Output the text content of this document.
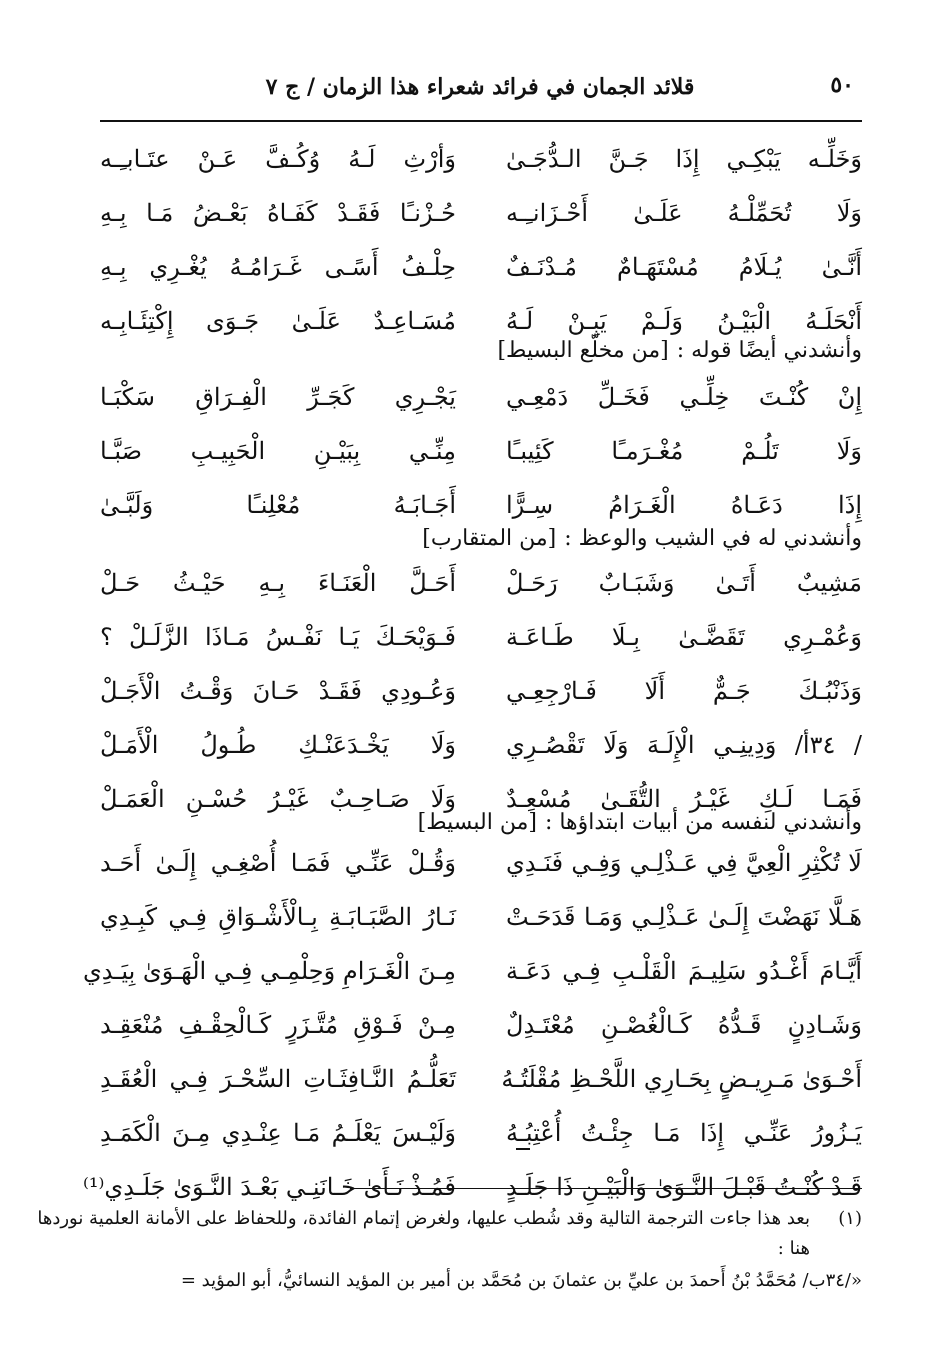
٥٠
قلائد الجمان في فرائد شعراء هذا الزمان / ج ٧
وَخَلِّـه يَبْكِـي إِذَا جَـنَّ الـدُّجَـىٰ
وَأرْثِ لَـهُ وُكُـفَّ عَـنْ عتَـابـِـه
وَلَا تُحَمِّلْـهُ عَلَـىٰ أَحْـزَانـِـه
حُـزْنـًا فَقَـدْ كَفَـاهُ بَعْـضُ مَـا بِـهِ
أَنَّـىٰ يُـلَامُ مُسْتَهَـامٌ مُـدْنَـفٌ
حِلْـفُ أَسًـى غَـرَامُـهُ يُغْـرِي بِـهِ
أَنْحَلَـهُ الْبَيْـنُ وَلَـمْ يَبِـنْ لَـهُ
مُسَـاعِـدٌ عَلَـىٰ جَـوَى إِكْتِئَـابِـه
وأنشدني أيضًا قوله :[من مخلّع البسيط]
إِنْ كُنْـتَ خِلِّـي فَخَـلِّ دَمْعِـي
يَجْـرِي كَجَـرِّ الْفِـرَاقِ سَكْبَـا
وَلَا تَلُـمْ مُغْـرَمـًا كَئِيبـًا
مِنِّـي بِبَيْـنِ الْحَبِيـبِ صَبَّـا
إِذَا دَعَـاهُ الْغَـرَامُ سِـرًّا
أَجَـابَـهُ مُعْلِنـًا وَلَبَّـىٰ
وأنشدني له في الشيب والوعظ :[من المتقارب]
مَشِيبٌ أَتَـىٰ وَشَبَـابٌ رَحَـلْ
أَحَـلَّ الْعَنَـاءَ بِـهِ حَيْـثُ حَـلْ
وَعُمْـرِي تَقَضَّـىٰ بِـلَا طَـاعَـة
فَـوَيْحَـكَ يَـا نَفْـسُ مَـاذَا الزَّلَـلْ ؟
وَذَنْبُـكَ جَـمٌّ أَلَا فَـارْجِعِـي
وَعُـودِي فَقَـدْ حَـانَ وَقْـتُ الْأَجَـلْ
/ ٣٤أ/ وَدِينِـي الْإِلَـهَ وَلَا تَقْصُـرِي
وَلَا يَخْـدَعَنْـكِ طُـولُ الْأَمَـلْ
فَمَـا لَـكِ غَيْـرُ التُّقَـىٰ مُسْعِـدٌ
وَلَا صَـاحِـبٌ غَيْـرُ حُسْـنِ الْعَمَـلْ
وأنشدني لنفسه من أبيات ابتداؤها :[من البسيط]
لَا تُكْثِرِ الْعِيَّ فِي عَـذْلِـي وَفِـي فَنَـدِي
وَقُـلْ عَنِّـي فَمَـا أُصْغِـي إِلَـىٰ أَحَـد
هَـلَّا نَهَضْتَ إِلَـىٰ عَـذْلِـي وَمَـا قَدَحَـتْ
نَـارُ الصَّبَـابَـةِ بِـالْأَشْـوَاقِ فِـي كَبِـدِي
أَيَّـامَ أَغْـدُو سَلِيـمَ الْقَلْـبِ فِـي دَعَـة
مِـنَ الْغَـرَامِ وَحِلْمِـي فِـي الْهَـوَىٰ بِيَـدِي
وَشَـادِنٍ قَـدُّهُ كَـالْغُصْـنِ مُعْتَـدِلٌ
مِـنْ فَـوْقِ مُتَّـزَرٍ كَـالْحِقْـفِ مُنْعَقِـد
أَحْـوَىٰ مَـرِيـضٍ بِحَـارِي اللَّحْـظِ مُقْلَتُـهُ
تَعَلُّـمُ النَّـافِثَـاتِ السِّحْـرَ فِـي الْعُقَـدِ
يَـزُورُ عَنِّـي إِذَا مَـا جِئْـتُ أُعْتِبُـهُ
وَلَيْـسَ يَعْلَـمُ مَـا عِنْـدِي مِـنَ الْكَمَـدِ
قَـدْ كُنْـتُ قَبْـلَ النَّـوَىٰ وَالْبَيْـنِ ذَا جَلَـدٍ
فَمُـذْ نَـأَىٰ خَـانَنِـي بَعْـدَ النَّـوَىٰ جَلَـدِي⁽¹⁾
(١)
بعد هذا جاءت الترجمة التالية وقد شُطب عليها، ولغرض إتمام الفائدة، وللحفاظ على الأمانة العلمية نوردها
هنا :
«/٣٤ب/ مُحَمَّدُ بْنُ أَحمدَ بن عليِّ بن عثمانَ بن مُحَمَّد بن أمير بن المؤيد النسائيُّ، أبو المؤيد =
